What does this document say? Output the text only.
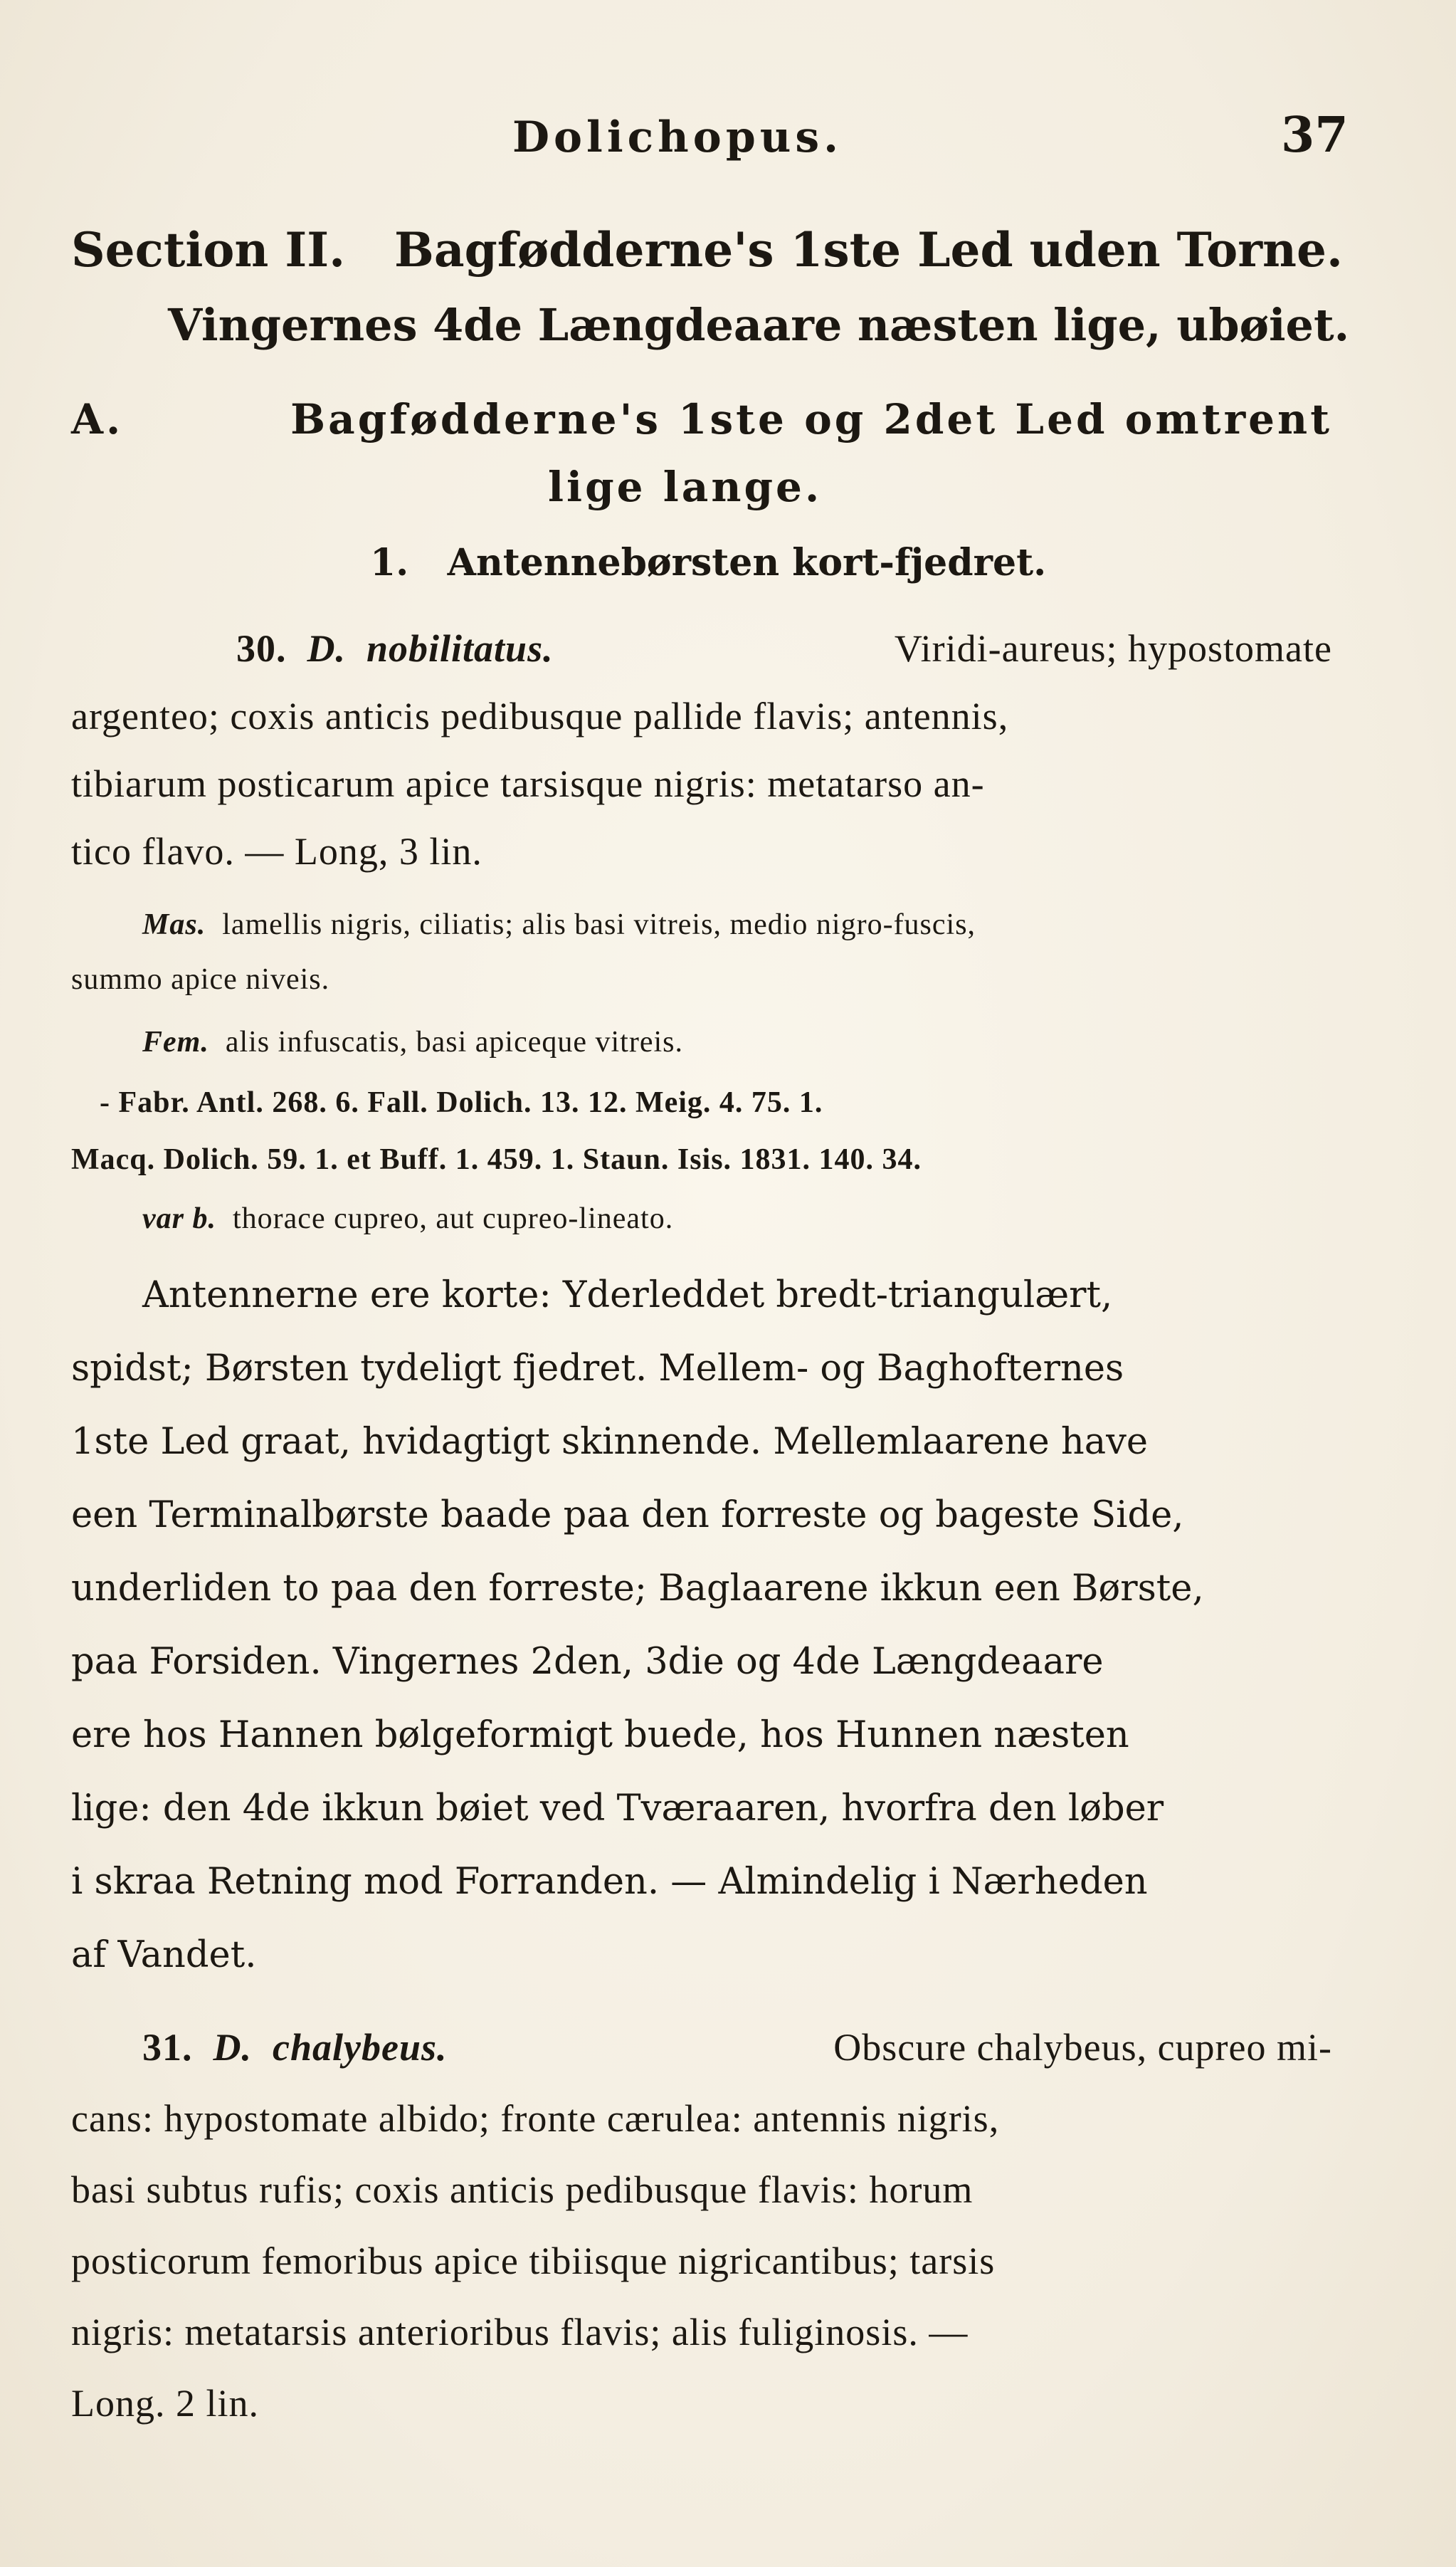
Dolichopus.	37
Section II. Bagfødderne's 1ste Led uden Torne.
Vingernes 4de Længdeaare næsten lige, ubøiet.
A.	Bagfødderne's 1ste og 2det Led omtrent
lige lange.
1. Antennebørsten kort-fjedret.
30. D. nobilitatus.	Viridi-aureus; hypostomate
argenteo; coxis anticis pedibusque pallide flavis; antennis,
tibiarum posticarum apice tarsisque nigris: metatarso an-
tico flavo. — Long, 3 lin.
Mas. lamellis nigris, ciliatis; alis basi vitreis, medio nigro-fuscis,
summo apice niveis.
Fem. alis infuscatis, basi apiceque vitreis.
- Fabr. Antl. 268. 6. Fall. Dolich. 13. 12. Meig. 4. 75. 1.
Macq. Dolich. 59. 1. et Buff. 1. 459. 1. Staun. Isis. 1831. 140. 34.
var b. thorace cupreo, aut cupreo-lineato.
Antennerne ere korte: Yderleddet bredt-triangulært,
spidst; Børsten tydeligt fjedret. Mellem- og Baghofternes
1ste Led graat, hvidagtigt skinnende. Mellemlaarene have
een Terminalbørste baade paa den forreste og bageste Side,
underliden to paa den forreste; Baglaarene ikkun een Børste,
paa Forsiden. Vingernes 2den, 3die og 4de Længdeaare
ere hos Hannen bølgeformigt buede, hos Hunnen næsten
lige: den 4de ikkun bøiet ved Tværaaren, hvorfra den løber
i skraa Retning mod Forranden. — Almindelig i Nærheden
af Vandet.
31. D. chalybeus.	Obscure chalybeus, cupreo mi-
cans: hypostomate albido; fronte cærulea: antennis nigris,
basi subtus rufis; coxis anticis pedibusque flavis: horum
posticorum femoribus apice tibiisque nigricantibus; tarsis
nigris: metatarsis anterioribus flavis; alis fuliginosis. —
Long. 2 lin.
